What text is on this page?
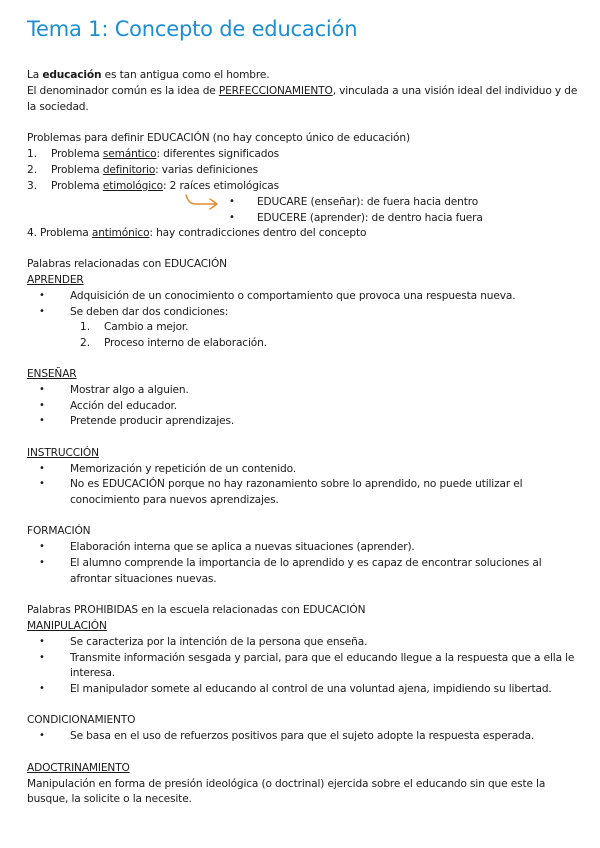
Tema 1: Concepto de educación
La educación es tan antigua como el hombre.
El denominador común es la idea de PERFECCIONAMIENTO, vinculada a una visión ideal del individuo y de
la sociedad.
Problemas para definir EDUCACIÓN (no hay concepto único de educación)
1. Problema semántico: diferentes significados
2. Problema definitorio: varias definiciones
3. Problema etimológico: 2 raíces etimológicas
• EDUCARE (enseñar): de fuera hacia dentro
• EDUCERE (aprender): de dentro hacia fuera
4. Problema antimónico: hay contradicciones dentro del concepto
Palabras relacionadas con EDUCACIÓN
APRENDER
• Adquisición de un conocimiento o comportamiento que provoca una respuesta nueva.
• Se deben dar dos condiciones:
1. Cambio a mejor.
2. Proceso interno de elaboración.
ENSEÑAR
• Mostrar algo a alguien.
• Acción del educador.
• Pretende producir aprendizajes.
INSTRUCCIÓN
• Memorización y repetición de un contenido.
• No es EDUCACIÓN porque no hay razonamiento sobre lo aprendido, no puede utilizar el
conocimiento para nuevos aprendizajes.
FORMACIÓN
• Elaboración interna que se aplica a nuevas situaciones (aprender).
• El alumno comprende la importancia de lo aprendido y es capaz de encontrar soluciones al
afrontar situaciones nuevas.
Palabras PROHIBIDAS en la escuela relacionadas con EDUCACIÓN
MANIPULACIÓN
• Se caracteriza por la intención de la persona que enseña.
• Transmite información sesgada y parcial, para que el educando llegue a la respuesta que a ella le
interesa.
• El manipulador somete al educando al control de una voluntad ajena, impidiendo su libertad.
CONDICIONAMIENTO
• Se basa en el uso de refuerzos positivos para que el sujeto adopte la respuesta esperada.
ADOCTRINAMIENTO
Manipulación en forma de presión ideológica (o doctrinal) ejercida sobre el educando sin que este la
busque, la solicite o la necesite.
